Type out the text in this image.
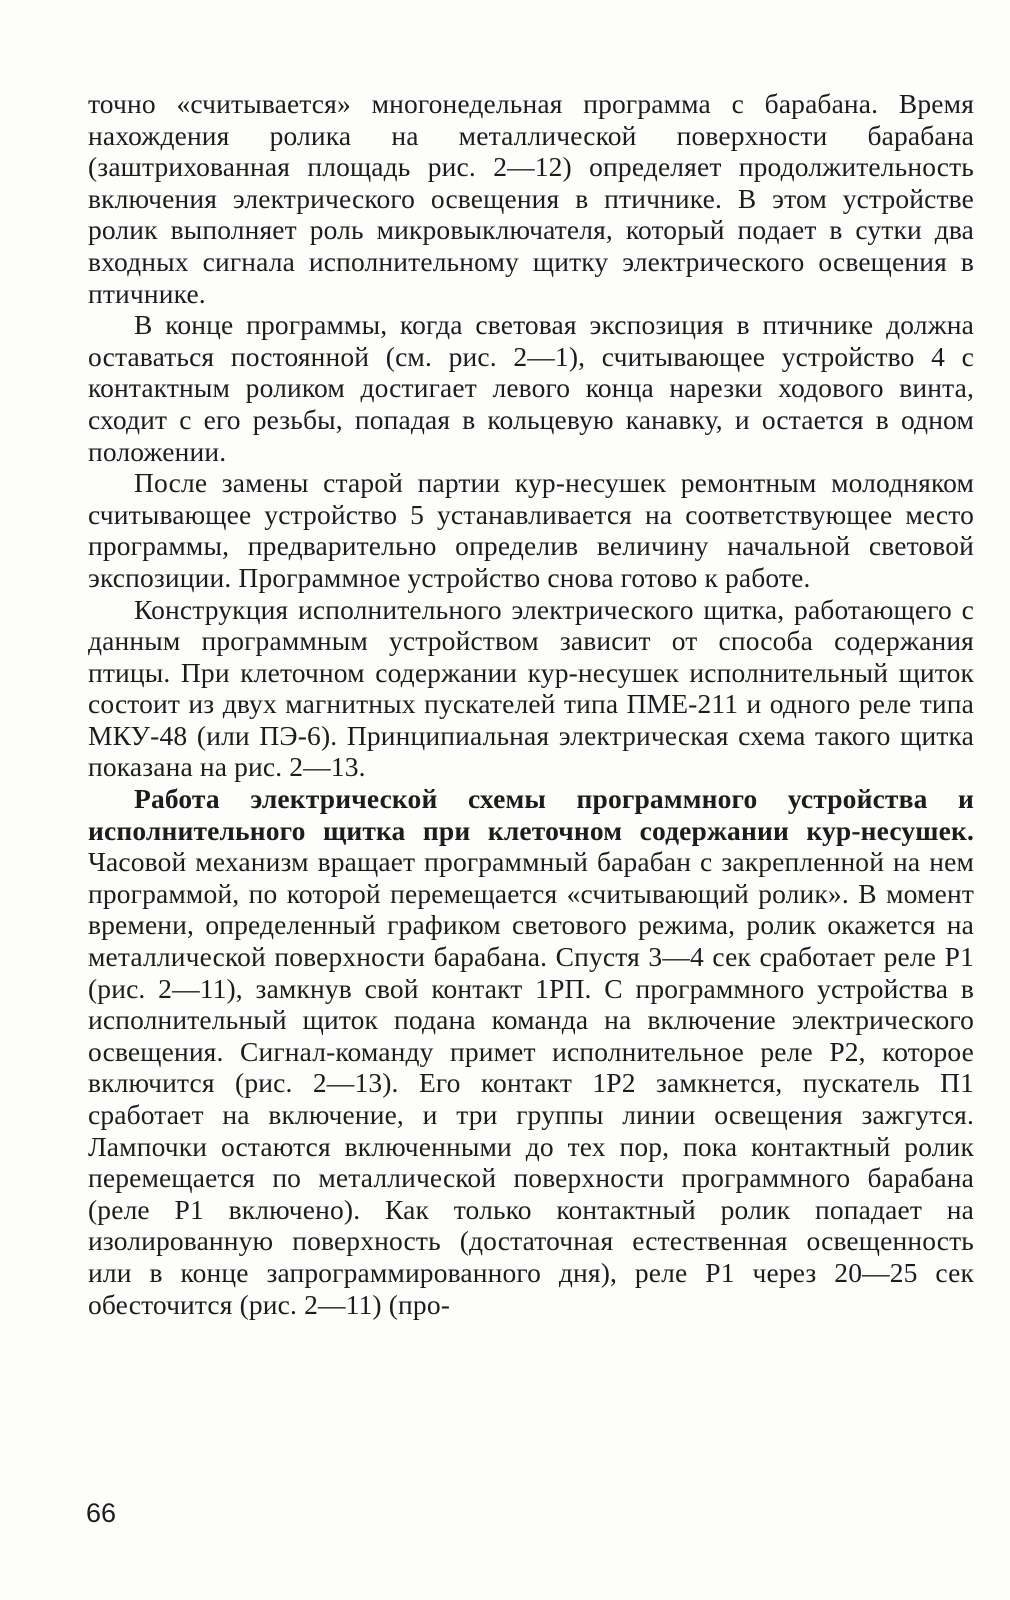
точно «считывается» многонедельная программа с барабана. Время нахождения ролика на металлической поверхности барабана (заштрихованная площадь рис. 2—12) определяет продолжительность включения электрического освещения в птичнике. В этом устройстве ролик выполняет роль микровыключателя, который подает в сутки два входных сигнала исполнительному щитку электрического освещения в птичнике.

В конце программы, когда световая экспозиция в птичнике должна оставаться постоянной (см. рис. 2—1), считывающее устройство 4 с контактным роликом достигает левого конца нарезки ходового винта, сходит с его резьбы, попадая в кольцевую канавку, и остается в одном положении.

После замены старой партии кур-несушек ремонтным молодняком считывающее устройство 5 устанавливается на соответствующее место программы, предварительно определив величину начальной световой экспозиции. Программное устройство снова готово к работе.

Конструкция исполнительного электрического щитка, работающего с данным программным устройством зависит от способа содержания птицы. При клеточном содержании кур-несушек исполнительный щиток состоит из двух магнитных пускателей типа ПМЕ-211 и одного реле типа МКУ-48 (или ПЭ-6). Принципиальная электрическая схема такого щитка показана на рис. 2—13.

Работа электрической схемы программного устройства и исполнительного щитка при клеточном содержании кур-несушек. Часовой механизм вращает программный барабан с закрепленной на нем программой, по которой перемещается «считывающий ролик». В момент времени, определенный графиком светового режима, ролик окажется на металлической поверхности барабана. Спустя 3—4 сек сработает реле Р1 (рис. 2—11), замкнув свой контакт 1РП. С программного устройства в исполнительный щиток подана команда на включение электрического освещения. Сигнал-команду примет исполнительное реле Р2, которое включится (рис. 2—13). Его контакт 1Р2 замкнется, пускатель П1 сработает на включение, и три группы линии освещения зажгутся. Лампочки остаются включенными до тех пор, пока контактный ролик перемещается по металлической поверхности программного барабана (реле Р1 включено). Как только контактный ролик попадает на изолированную поверхность (достаточная естественная освещенность или в конце запрограммированного дня), реле Р1 через 20—25 сек обесточится (рис. 2—11) (про-

66
